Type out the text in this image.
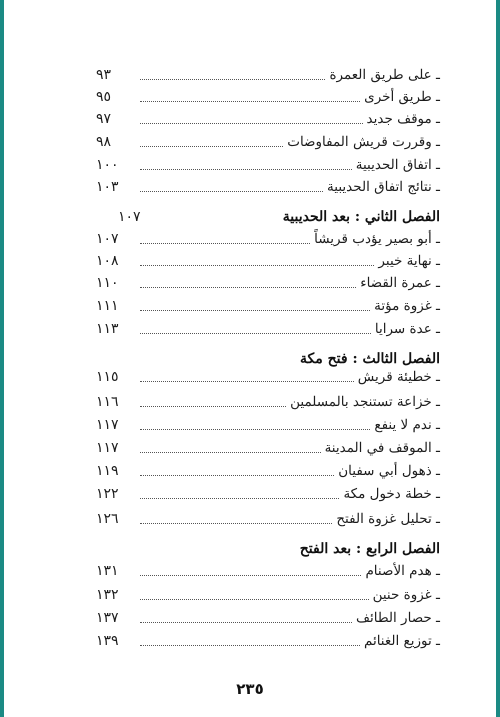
ـ على طريق العمرة
٩٣
ـ طريق أخرى
٩٥
ـ موقف جديد
٩٧
ـ وقررت قريش المفاوضات
٩٨
ـ اتفاق الحديبية
١٠٠
ـ نتائج اتفاق الحديبية
١٠٣
الفصل الثاني : بعد الحديبية
١٠٧
ـ أبو بصير يؤدب قريشاً
١٠٧
ـ نهاية خيبر
١٠٨
ـ عمرة القضاء
١١٠
ـ غزوة مؤتة
١١١
ـ عدة سرايا
١١٣
الفصل الثالث : فتح مكة
ـ خطيئة قريش
١١٥
ـ خزاعة تستنجد بالمسلمين
١١٦
ـ ندم لا ينفع
١١٧
ـ الموقف في المدينة
١١٧
ـ ذهول أبي سفيان
١١٩
ـ خطة دخول مكة
١٢٢
ـ تحليل غزوة الفتح
١٢٦
الفصل الرابع : بعد الفتح
ـ هدم الأصنام
١٣١
ـ غزوة حنين
١٣٢
ـ حصار الطائف
١٣٧
ـ توزيع الغنائم
١٣٩
٢٣٥
